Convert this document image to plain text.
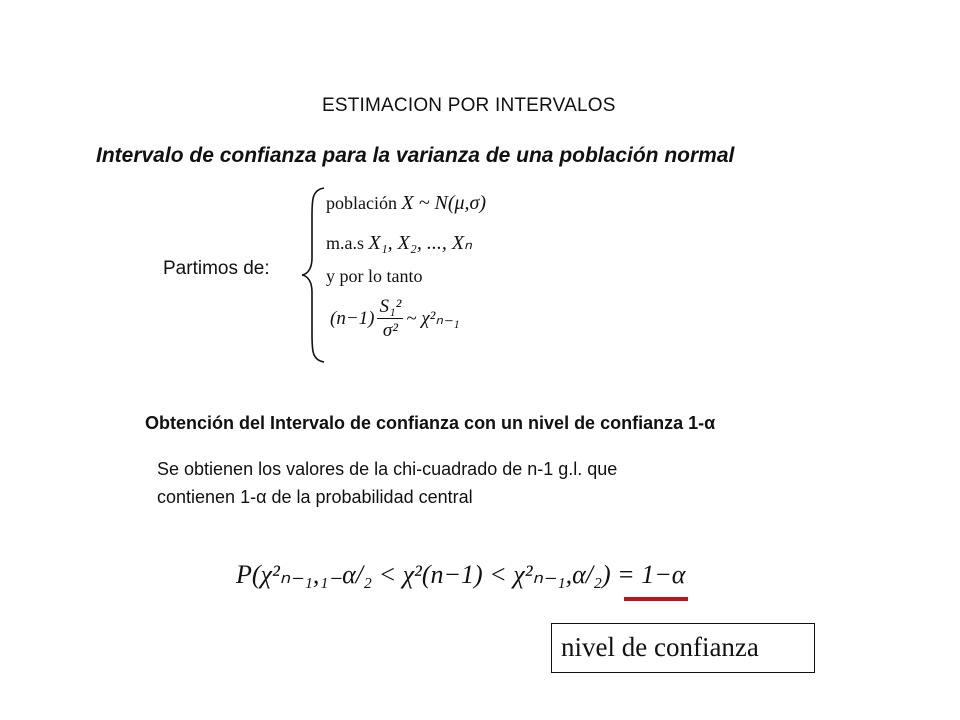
ESTIMACION POR INTERVALOS
Intervalo de confianza para la varianza de una población normal
Partimos de:
población X ~ N(μ,σ)
m.a.s X₁, X₂, ..., Xₙ
y por lo tanto
$(n-1) \frac{\text{S₁²}}{\text{σ²}}$ ~ χ²ₙ₋₁
Obtención del Intervalo de confianza con un nivel de confianza 1-α
Se obtienen los valores de la chi-cuadrado de n-1 g.l. que
contienen 1-α de la probabilidad central
P(χ²ₙ₋₁,₁₋α/₂ < χ²(n−1) < χ²ₙ₋₁,α/₂) = 1−α
nivel de confianza
